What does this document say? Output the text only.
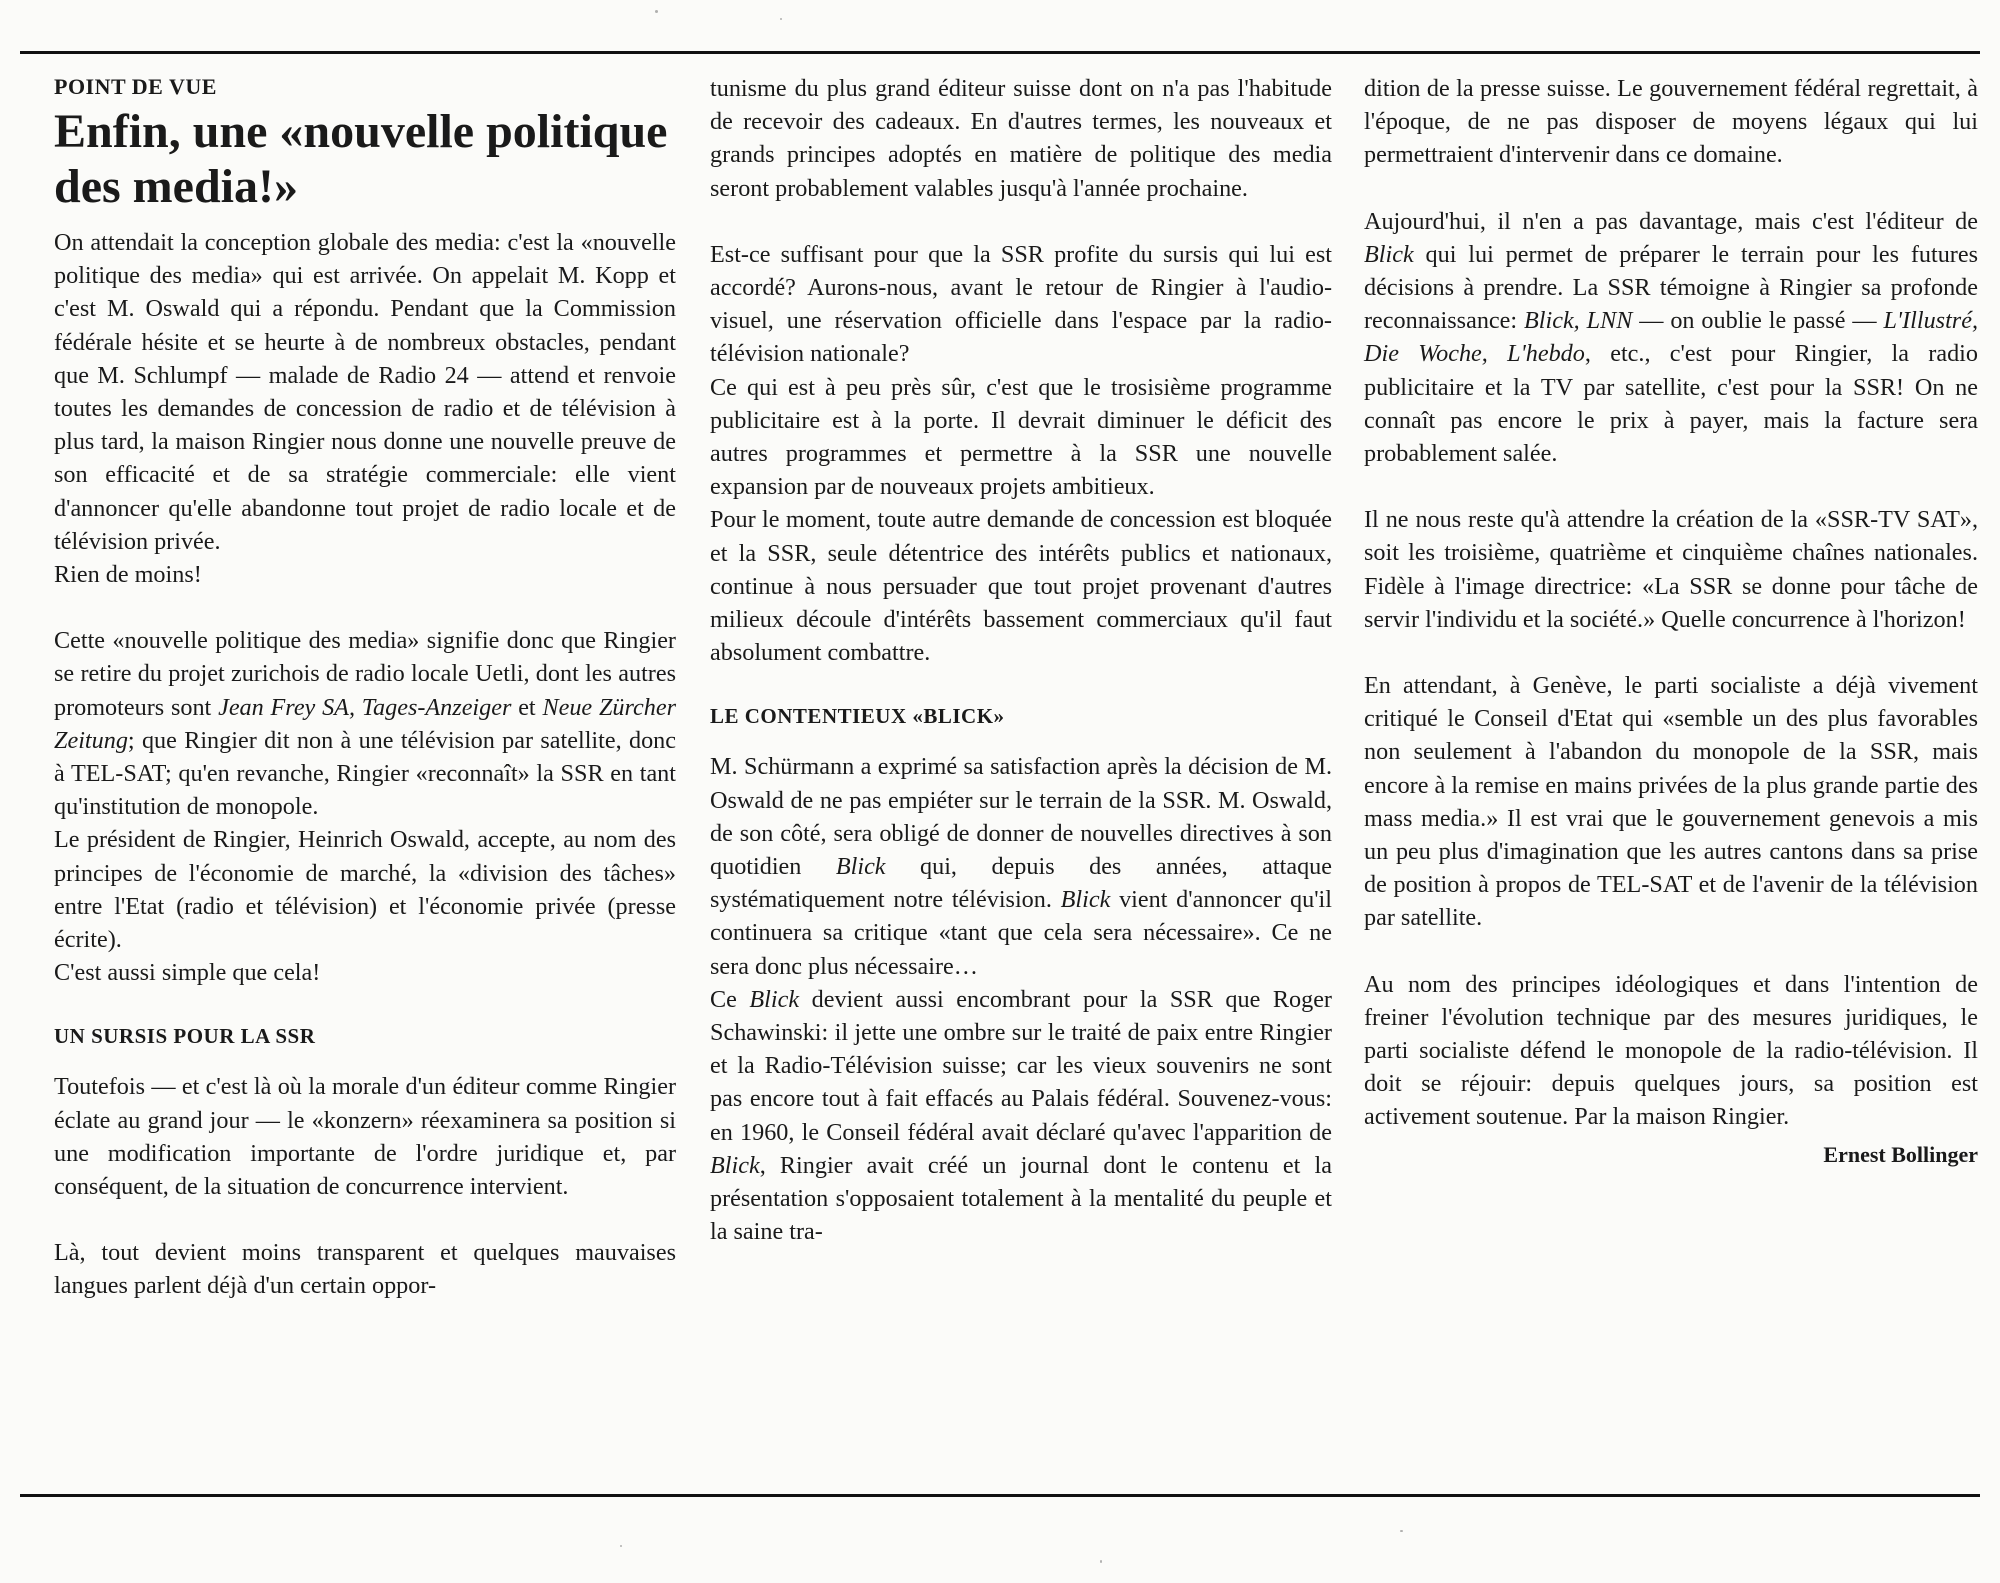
POINT DE VUE
Enfin, une «nouvelle politique des media!»

On attendait la conception globale des media: c'est la «nouvelle politique des media» qui est arrivée. On appelait M. Kopp et c'est M. Oswald qui a répondu. Pendant que la Commission fédérale hésite et se heurte à de nombreux obstacles, pendant que M. Schlumpf — malade de Radio 24 — attend et renvoie toutes les demandes de concession de radio et de télévision à plus tard, la maison Ringier nous donne une nouvelle preuve de son efficacité et de sa stratégie commerciale: elle vient d'annoncer qu'elle abandonne tout projet de radio locale et de télévision privée.

Rien de moins!

Cette «nouvelle politique des media» signifie donc que Ringier se retire du projet zurichois de radio locale Uetli, dont les autres promoteurs sont Jean Frey SA, Tages-Anzeiger et Neue Zürcher Zeitung; que Ringier dit non à une télévision par satellite, donc à TEL-SAT; qu'en revanche, Ringier «reconnaît» la SSR en tant qu'institution de monopole.

Le président de Ringier, Heinrich Oswald, accepte, au nom des principes de l'économie de marché, la «division des tâches» entre l'Etat (radio et télévision) et l'économie privée (presse écrite).

C'est aussi simple que cela!

UN SURSIS POUR LA SSR

Toutefois — et c'est là où la morale d'un éditeur comme Ringier éclate au grand jour — le «konzern» réexaminera sa position si une modification importante de l'ordre juridique et, par conséquent, de la situation de concurrence intervient.

Là, tout devient moins transparent et quelques mauvaises langues parlent déjà d'un certain oppor-

tunisme du plus grand éditeur suisse dont on n'a pas l'habitude de recevoir des cadeaux. En d'autres termes, les nouveaux et grands principes adoptés en matière de politique des media seront probablement valables jusqu'à l'année prochaine.

Est-ce suffisant pour que la SSR profite du sursis qui lui est accordé? Aurons-nous, avant le retour de Ringier à l'audio-visuel, une réservation officielle dans l'espace par la radio-télévision nationale?

Ce qui est à peu près sûr, c'est que le trosisième programme publicitaire est à la porte. Il devrait diminuer le déficit des autres programmes et permettre à la SSR une nouvelle expansion par de nouveaux projets ambitieux.

Pour le moment, toute autre demande de concession est bloquée et la SSR, seule détentrice des intérêts publics et nationaux, continue à nous persuader que tout projet provenant d'autres milieux découle d'intérêts bassement commerciaux qu'il faut absolument combattre.

LE CONTENTIEUX «BLICK»

M. Schürmann a exprimé sa satisfaction après la décision de M. Oswald de ne pas empiéter sur le terrain de la SSR. M. Oswald, de son côté, sera obligé de donner de nouvelles directives à son quotidien Blick qui, depuis des années, attaque systématiquement notre télévision. Blick vient d'annoncer qu'il continuera sa critique «tant que cela sera nécessaire». Ce ne sera donc plus nécessaire…

Ce Blick devient aussi encombrant pour la SSR que Roger Schawinski: il jette une ombre sur le traité de paix entre Ringier et la Radio-Télévision suisse; car les vieux souvenirs ne sont pas encore tout à fait effacés au Palais fédéral. Souvenez-vous: en 1960, le Conseil fédéral avait déclaré qu'avec l'apparition de Blick, Ringier avait créé un journal dont le contenu et la présentation s'opposaient totalement à la mentalité du peuple et la saine tra-

dition de la presse suisse. Le gouvernement fédéral regrettait, à l'époque, de ne pas disposer de moyens légaux qui lui permettraient d'intervenir dans ce domaine.

Aujourd'hui, il n'en a pas davantage, mais c'est l'éditeur de Blick qui lui permet de préparer le terrain pour les futures décisions à prendre. La SSR témoigne à Ringier sa profonde reconnaissance: Blick, LNN — on oublie le passé — L'Illustré, Die Woche, L'hebdo, etc., c'est pour Ringier, la radio publicitaire et la TV par satellite, c'est pour la SSR! On ne connaît pas encore le prix à payer, mais la facture sera probablement salée.

Il ne nous reste qu'à attendre la création de la «SSR-TV SAT», soit les troisième, quatrième et cinquième chaînes nationales. Fidèle à l'image directrice: «La SSR se donne pour tâche de servir l'individu et la société.» Quelle concurrence à l'horizon!

En attendant, à Genève, le parti socialiste a déjà vivement critiqué le Conseil d'Etat qui «semble un des plus favorables non seulement à l'abandon du monopole de la SSR, mais encore à la remise en mains privées de la plus grande partie des mass media.» Il est vrai que le gouvernement genevois a mis un peu plus d'imagination que les autres cantons dans sa prise de position à propos de TEL-SAT et de l'avenir de la télévision par satellite.

Au nom des principes idéologiques et dans l'intention de freiner l'évolution technique par des mesures juridiques, le parti socialiste défend le monopole de la radio-télévision. Il doit se réjouir: depuis quelques jours, sa position est activement soutenue. Par la maison Ringier.

Ernest Bollinger
